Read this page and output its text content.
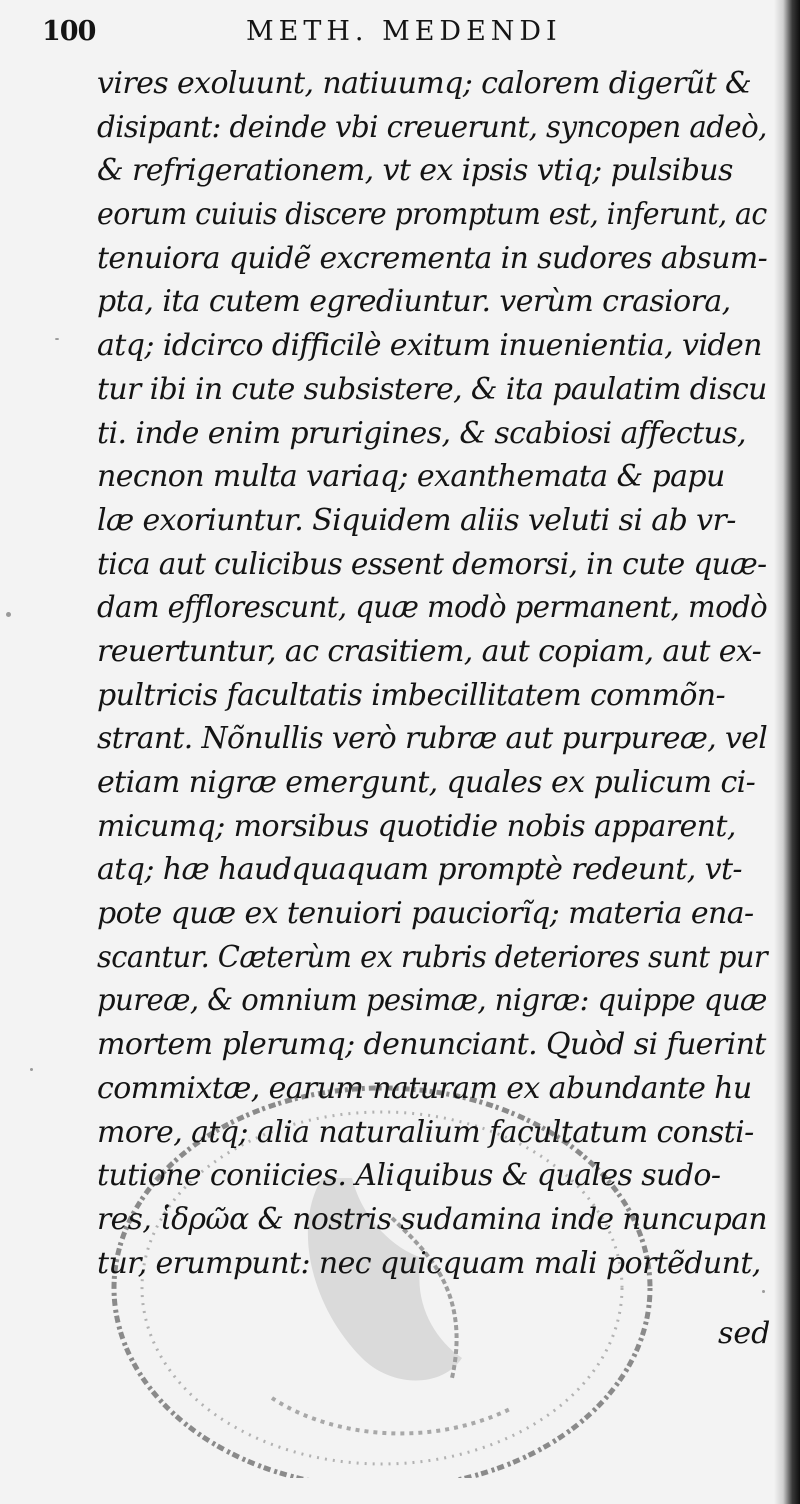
100	METH. MEDENDI
vires exoluunt, natiuumq; calorem digerũt &
disipant: deinde vbi creuerunt, syncopen adeò,
& refrigerationem, vt ex ipsis vtiq; pulsibus
eorum cuiuis discere promptum est, inferunt, ac
tenuiora quidẽ excrementa in sudores absum-
pta, ita cutem egrediuntur. verùm crasiora,
atq; idcirco difficilè exitum inuenientia, viden
tur ibi in cute subsistere, & ita paulatim discu
ti. inde enim prurigines, & scabiosi affectus,
necnon multa variaq; exanthemata & papu
læ exoriuntur. Siquidem aliis veluti si ab vr-
tica aut culicibus essent demorsi, in cute quæ-
dam efflorescunt, quæ modò permanent, modò
reuertuntur, ac crasitiem, aut copiam, aut ex-
pultricis facultatis imbecillitatem commõn-
strant. Nõnullis verò rubræ aut purpureæ, vel
etiam nigræ emergunt, quales ex pulicum ci-
micumq; morsibus quotidie nobis apparent,
atq; hæ haudquaquam promptè redeunt, vt-
pote quæ ex tenuiori pauciorĩq; materia ena-
scantur. Cæterùm ex rubris deteriores sunt pur
pureæ, & omnium pesimæ, nigræ: quippe quæ
mortem plerumq; denunciant. Quòd si fuerint
commixtæ, earum naturam ex abundante hu
more, atq; alia naturalium facultatum consti-
tutione coniicies. Aliquibus & quales sudo-
res, ἱδρῶα & nostris sudamina inde nuncupan
tur, erumpunt: nec quicquam mali portẽdunt,
sed
